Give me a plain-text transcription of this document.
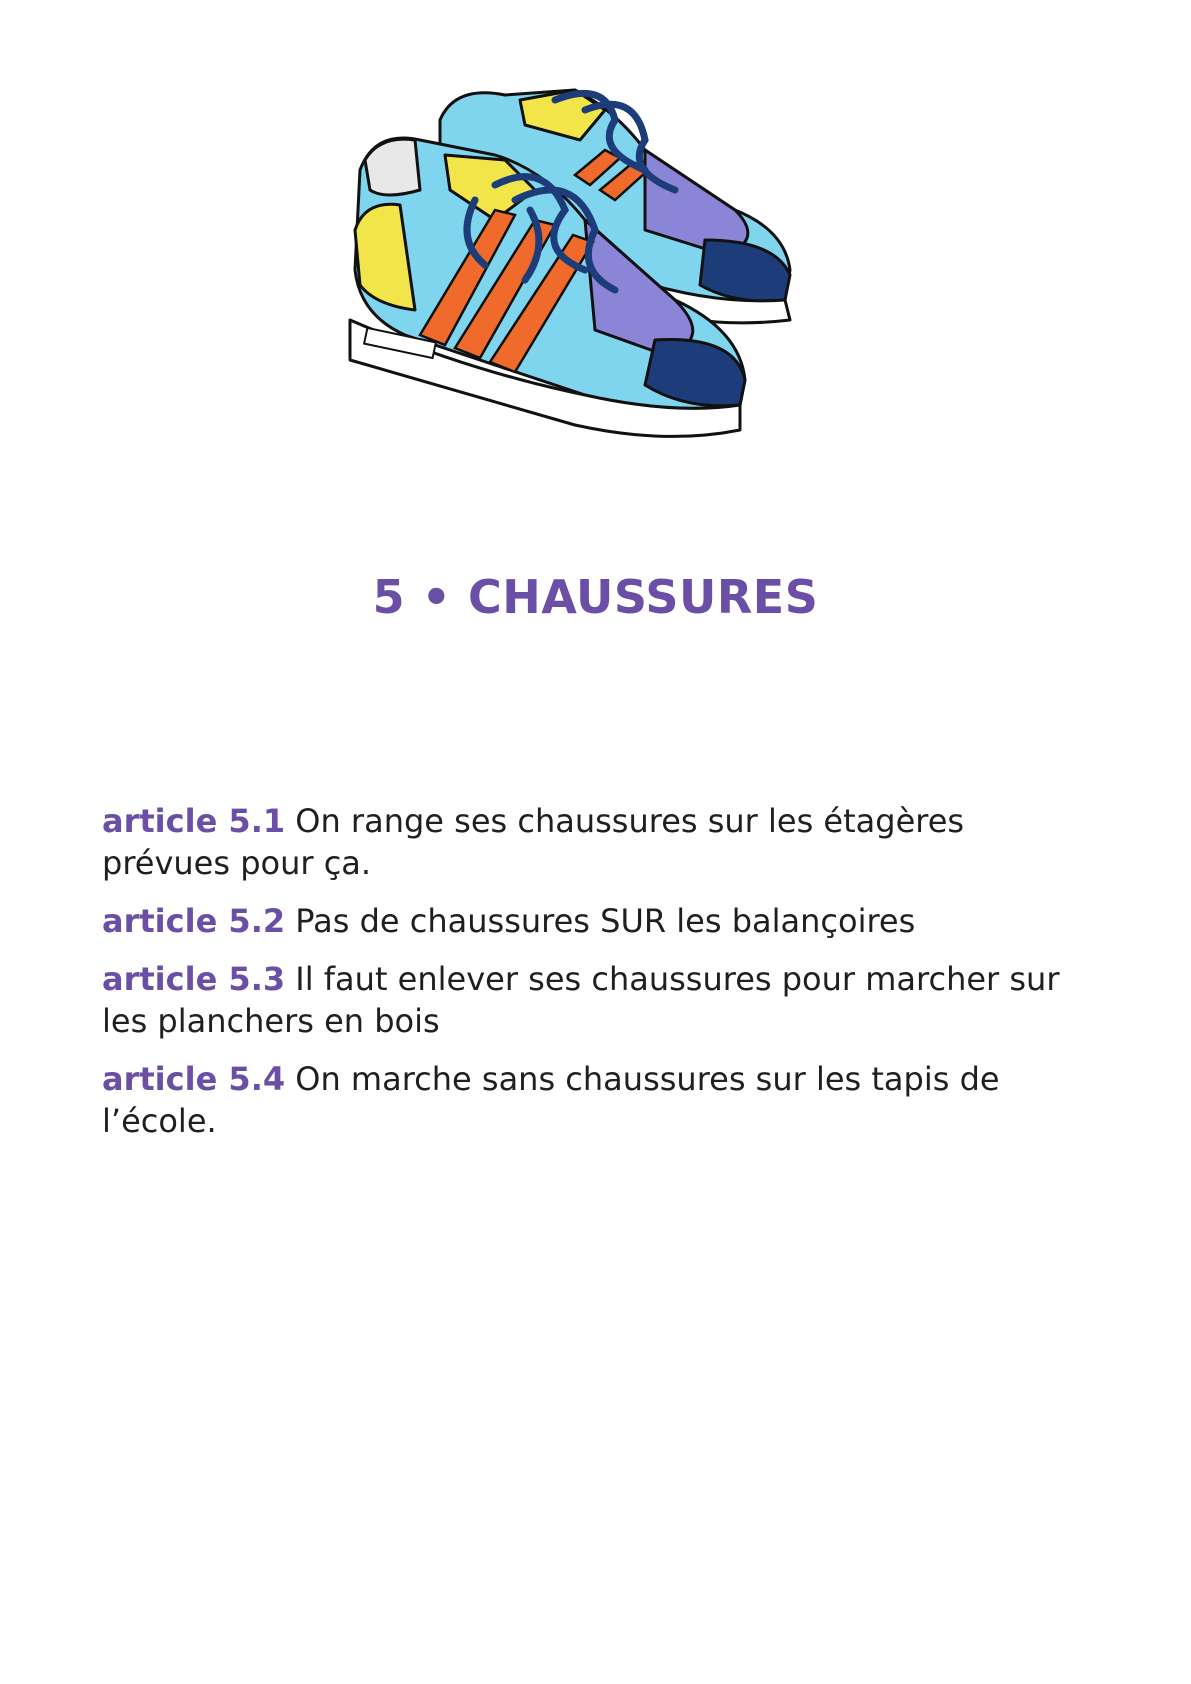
5 • CHAUSSURES

article 5.1 On range ses chaussures sur les étagères prévues pour ça.

article 5.2 Pas de chaussures SUR les balançoires

article 5.3 Il faut enlever ses chaussures pour marcher sur les planchers en bois

article 5.4 On marche sans chaussures sur les tapis de l’école.
